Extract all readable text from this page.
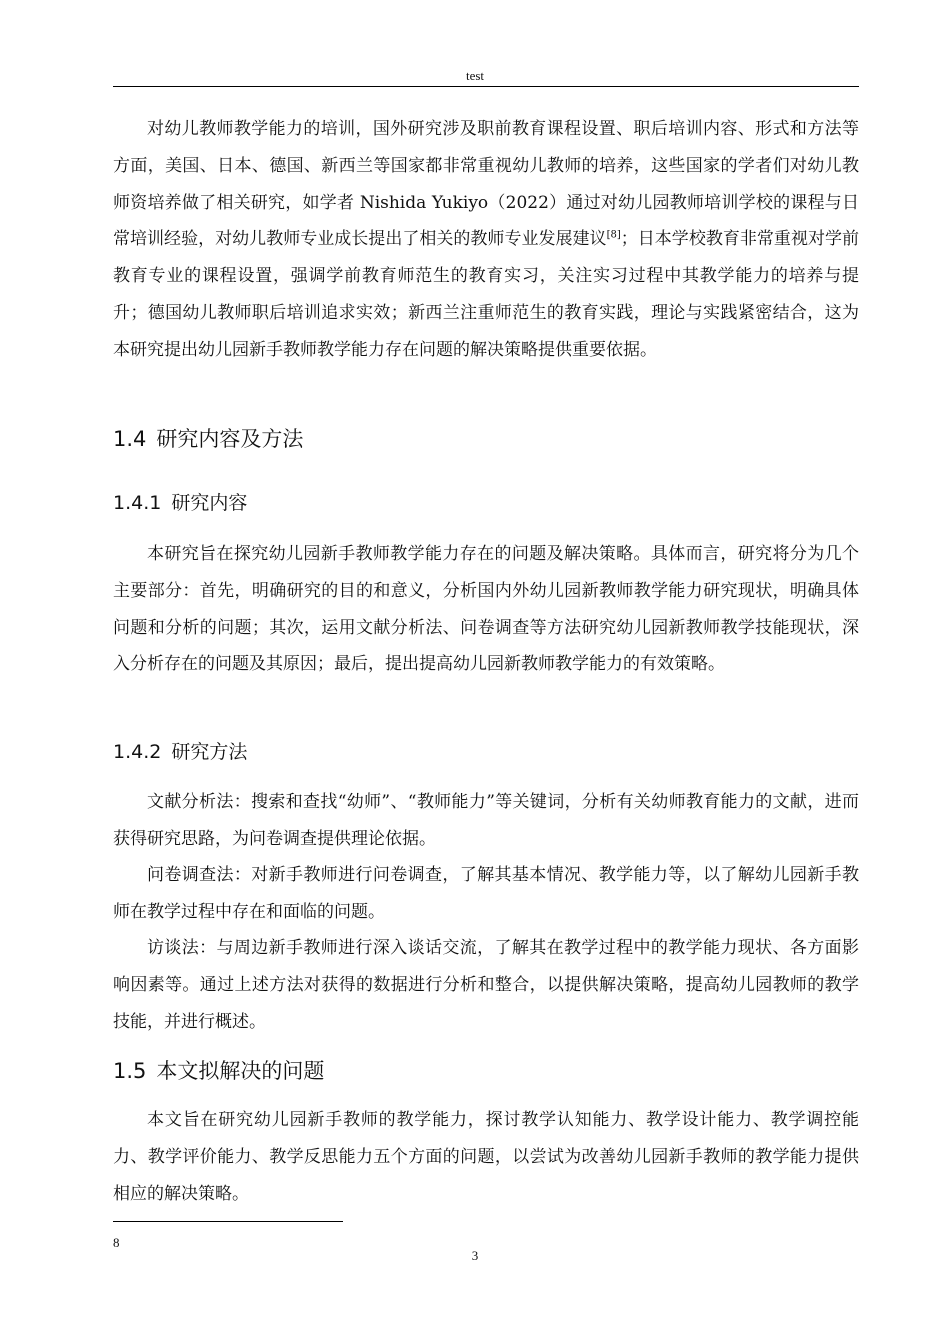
test

对幼儿教师教学能力的培训，国外研究涉及职前教育课程设置、职后培训内容、形式和方法等方面，美国、日本、德国、新西兰等国家都非常重视幼儿教师的培养，这些国家的学者们对幼儿教师资培养做了相关研究，如学者 Nishida Yukiyo（2022）通过对幼儿园教师培训学校的课程与日常培训经验，对幼儿教师专业成长提出了相关的教师专业发展建议[8]；日本学校教育非常重视对学前教育专业的课程设置，强调学前教育师范生的教育实习，关注实习过程中其教学能力的培养与提升；德国幼儿教师职后培训追求实效；新西兰注重师范生的教育实践，理论与实践紧密结合，这为本研究提出幼儿园新手教师教学能力存在问题的解决策略提供重要依据。

1.4 研究内容及方法
1.4.1 研究内容

本研究旨在探究幼儿园新手教师教学能力存在的问题及解决策略。具体而言，研究将分为几个主要部分：首先，明确研究的目的和意义，分析国内外幼儿园新教师教学能力研究现状，明确具体问题和分析的问题；其次，运用文献分析法、问卷调查等方法研究幼儿园新教师教学技能现状，深入分析存在的问题及其原因；最后，提出提高幼儿园新教师教学能力的有效策略。

1.4.2 研究方法

文献分析法：搜索和查找“幼师”、“教师能力”等关键词，分析有关幼师教育能力的文献，进而获得研究思路，为问卷调查提供理论依据。

问卷调查法：对新手教师进行问卷调查，了解其基本情况、教学能力等，以了解幼儿园新手教师在教学过程中存在和面临的问题。

访谈法：与周边新手教师进行深入谈话交流，了解其在教学过程中的教学能力现状、各方面影响因素等。通过上述方法对获得的数据进行分析和整合，以提供解决策略，提高幼儿园教师的教学技能，并进行概述。

1.5 本文拟解决的问题

本文旨在研究幼儿园新手教师的教学能力，探讨教学认知能力、教学设计能力、教学调控能力、教学评价能力、教学反思能力五个方面的问题，以尝试为改善幼儿园新手教师的教学能力提供相应的解决策略。

8
3
